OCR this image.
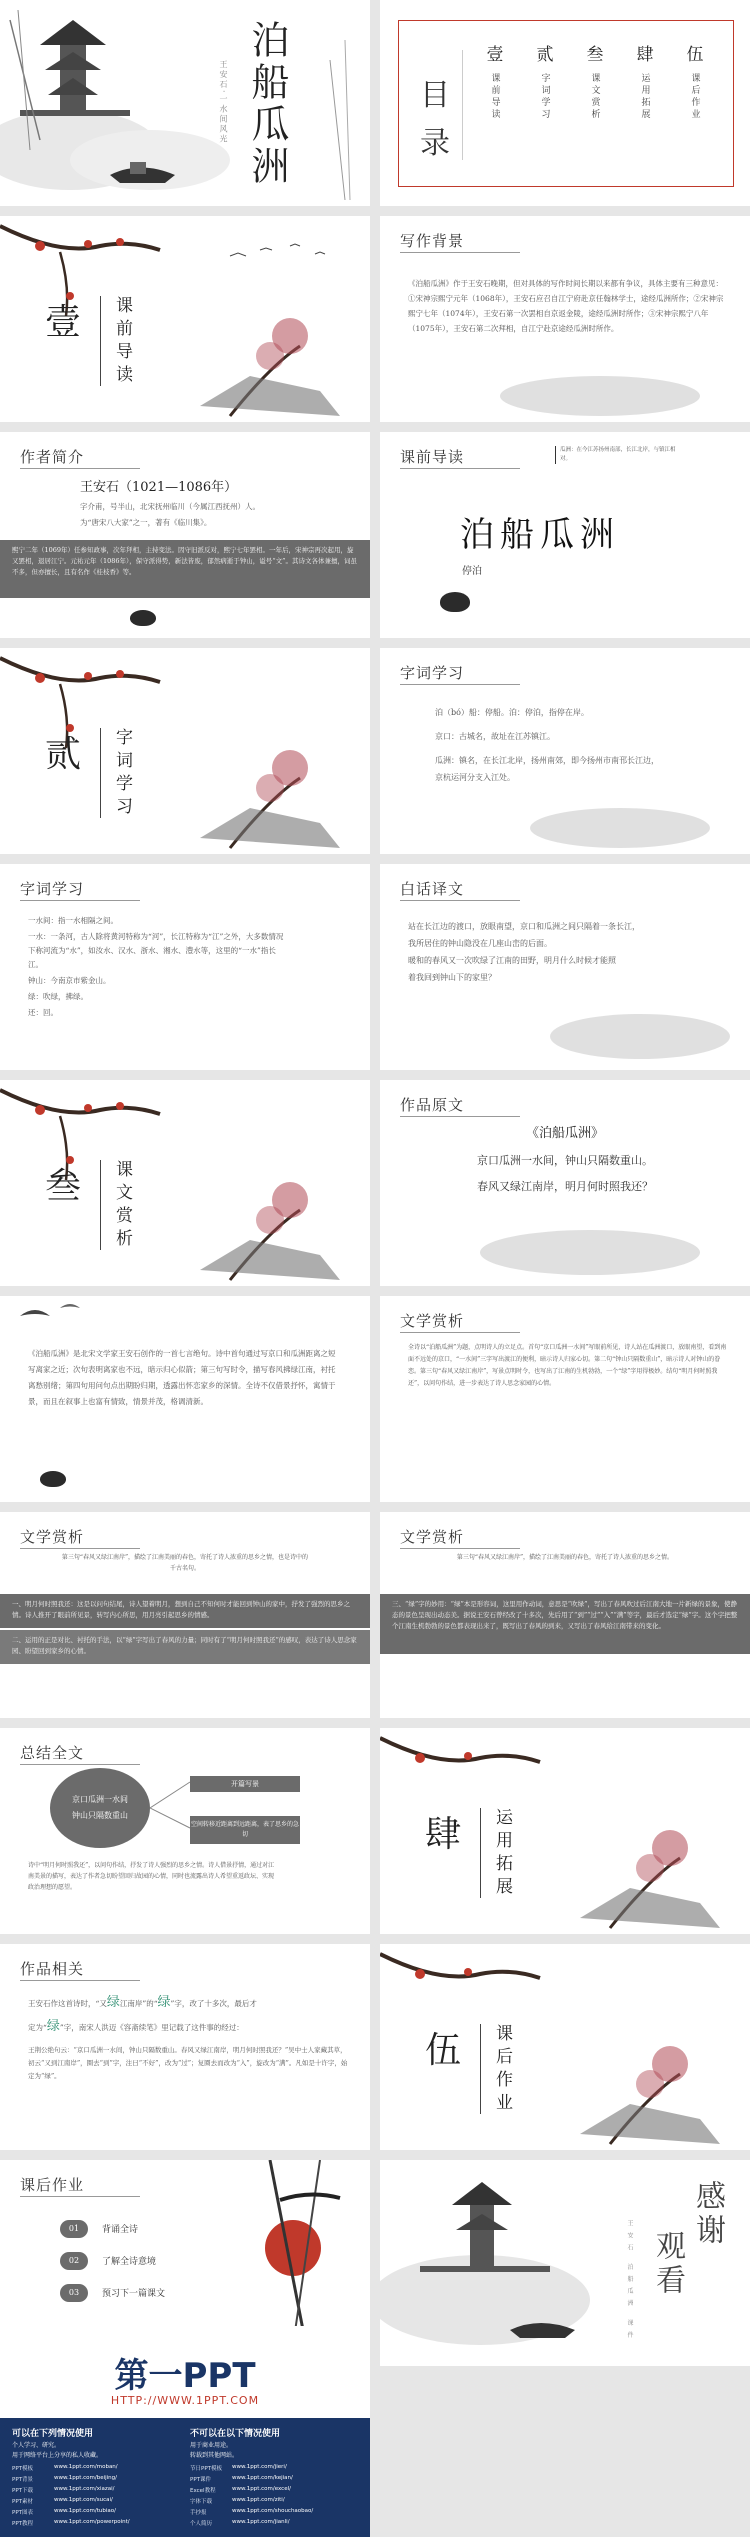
泊船瓜洲
王安石·一水间风光	目
录
壹
课前导读
贰
字词学习
叁
课文赏析
肆
运用拓展
伍
课后作业
壹 课前导读
写作背景
《泊船瓜洲》作于王安石晚期，但对具体的写作时间长期以来都有争议，具体主要有三种意见：①宋神宗熙宁元年（1068年），王安石应召自江宁府赴京任翰林学士，途经瓜洲所作；②宋神宗熙宁七年（1074年），王安石第一次罢相自京返金陵，途经瓜洲时所作；③宋神宗熙宁八年（1075年），王安石第二次拜相，自江宁赴京途经瓜洲时所作。
作者简介
王安石（1021—1086年）
字介甫，号半山，北宋抚州临川（今属江西抚州）人。
为“唐宋八大家”之一，著有《临川集》。
熙宁二年（1069年）任参知政事，次年拜相，主持变法。因守旧派反对，熙宁七年罢相。一年后，宋神宗再次起用，旋又罢相，退居江宁。元祐元年（1086年），保守派得势，新法皆废，郁然病逝于钟山，谥号“文”。其诗文各体兼擅，词虽不多，但亦擅长，且有名作《桂枝香》等。
课前导读	瓜洲：在今江苏扬州南部，长江北岸，与镇江相对。
泊船瓜洲
停泊
贰 字词学习
字词学习
泊（bó）船：停船。泊：停泊，指停在岸。
京口：古城名，故址在江苏镇江。
瓜洲：镇名，在长江北岸，扬州南郊，即今扬州市南邗长江边，京杭运河分支入江处。
字词学习
一水间：指一水相隔之间。
一水：一条河，古人除将黄河特称为“河”，长江特称为“江”之外，大多数情况下称河流为“水”，如汝水、汉水、浙水、湘水、澧水等，这里的“一水”指长江。
钟山：今南京市紫金山。
绿：吹绿，拂绿。
还：回。
白话译文
站在长江边的渡口，放眼南望，京口和瓜洲之间只隔着一条长江，
我所居住的钟山隐没在几座山峦的后面。
暖和的春风又一次吹绿了江南的田野，明月什么时候才能照
着我回到钟山下的家里？
叁 课文赏析
作品原文
《泊船瓜洲》
京口瓜洲一水间，钟山只隔数重山。
春风又绿江南岸，明月何时照我还？
《泊船瓜洲》是北宋文学家王安石创作的一首七言绝句。诗中首句通过写京口和瓜洲距离之短写离家之近；次句表明离家也不远，暗示归心似箭；第三句写时令，描写春风拂绿江南，衬托离愁别绪；第四句用问句点出期盼归期，透露出怀恋家乡的深情。全诗不仅借景抒怀，寓情于景，而且在叙事上也富有情致，情景并茂，格调清新。
文学赏析
全诗以“泊船瓜洲”为题，点明诗人的立足点。首句“京口瓜洲一水间”写眼前所见，诗人站在瓜洲渡口，放眼南望，看到南面不远处的京口，“一水间”三字写出渡江的便利，暗示诗人归家心切。第二句“钟山只隔数重山”，暗示诗人对钟山的眷恋。第三句“春风又绿江南岸”，写景点明时令，也写出了江南的生机勃勃，一个“绿”字用得极妙。结句“明月何时照我还”，以问句作结，进一步表达了诗人思念家园的心情。
文学赏析
第三句“春风又绿江南岸”，描绘了江南美丽的春色，寄托了诗人浓重的思乡之情，也是诗中的千古名句。
一、明月何时照我还：这是以问句结尾，诗人望着明月，想到自己不知何时才能回到钟山的家中，抒发了强烈的思乡之情。诗人推开了眼前所见景，转写内心所思，用月亮引起思乡的情感。
二、运用的正是对比、衬托的手法，以“绿”字写出了春风的力量；同时有了“明月何时照我还”的感叹，表达了诗人思念家园、盼望回到家乡的心情。
文学赏析
第三句“春风又绿江南岸”，描绘了江南美丽的春色，寄托了诗人浓重的思乡之情。
三、“绿”字的妙用：“绿”本是形容词，这里用作动词，意思是“吹绿”，写出了春风吹过后江南大地一片新绿的景象，使静态的景色呈现出动态美。据说王安石曾经改了十多次，先后用了“到”“过”“入”“满”等字，最后才选定“绿”字。这个字把整个江南生机勃勃的景色都表现出来了，既写出了春风的到来，又写出了春风给江南带来的变化。
总结全文
京口瓜洲一水间
钟山只隔数重山
开篇写景
空间转移近距离到远距离，表了思乡的急切
诗中“明月何时照我还”，以问句作结，抒发了诗人强烈的思乡之情。诗人借景抒情，通过对江南美景的描写，表达了作者急切盼望回归故园的心情，同时也流露出诗人希望重返政坛、实现政治理想的愿望。
肆 运用拓展
作品相关
王安石作这首诗时，“又绿江南岸”的“绿”字，改了十多次，最后才
定为“绿”字，南宋人洪迈《容斋续笔》里记载了这件事的经过：
王荆公绝句云：“京口瓜洲一水间，钟山只隔数重山。春风又绿江南岸，明月何时照我还？”吴中士人家藏其草，初云“又到江南岸”，圈去“到”字，注曰“不好”，改为“过”；复圈去而改为“入”，旋改为“满”。凡如是十许字，始定为“绿”。
伍 课后作业
课后作业
01	背诵全诗
02	了解全诗意境
03	预习下一篇课文
感谢
观看
王安石 泊船瓜洲 课件
第一PPT
HTTP://WWW.1PPT.COM
可以在下列情况使用
个人学习、研究。
用于网络平台上分享的私人收藏。
不可以在以下情况使用
用于商业用途。
转载到其他网站。
PPT模板	www.1ppt.com/moban/
PPT背景	www.1ppt.com/beijing/
PPT下载	www.1ppt.com/xiazai/
PPT素材	www.1ppt.com/sucai/
PPT图表	www.1ppt.com/tubiao/
PPT教程	www.1ppt.com/powerpoint/
节日PPT模板 www.1ppt.com/jieri/
PPT课件	www.1ppt.com/kejian/
Excel教程	www.1ppt.com/excel/
字体下载	www.1ppt.com/ziti/
手抄报	www.1ppt.com/shouchaobao/
个人简历	www.1ppt.com/jianli/
